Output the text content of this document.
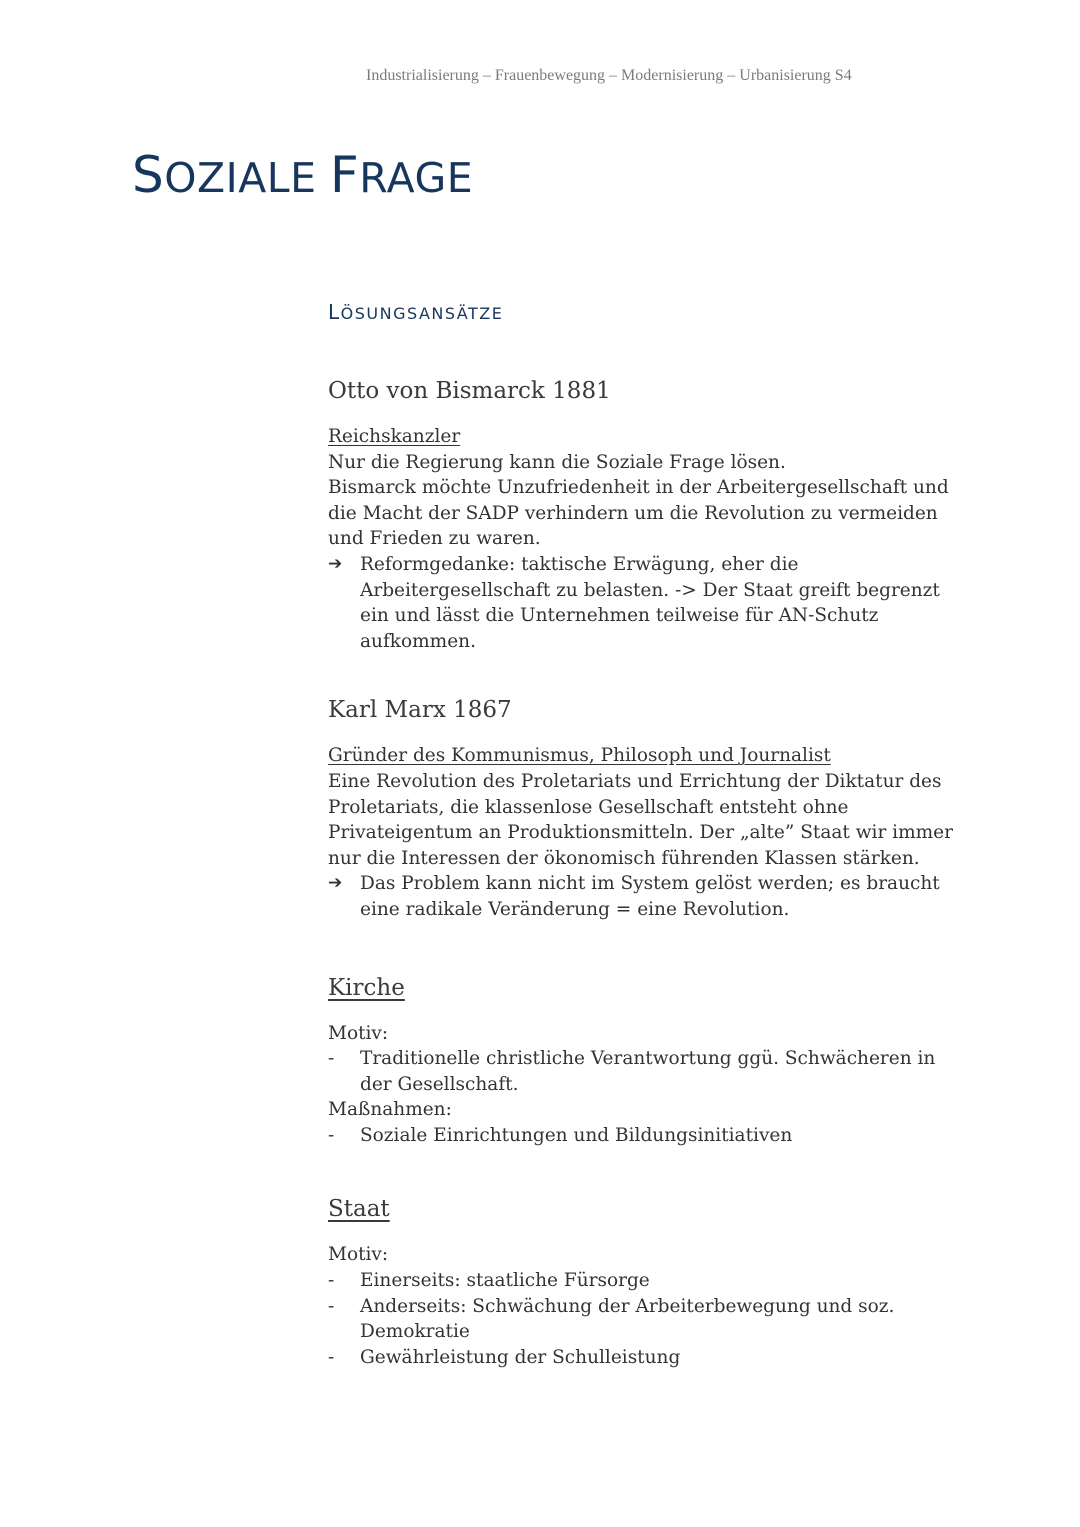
Industrialisierung – Frauenbewegung – Modernisierung – Urbanisierung S4
SOZIALE FRAGE
LÖSUNGSANSÄTZE
Otto von Bismarck 1881

Reichskanzler

Nur die Regierung kann die Soziale Frage lösen.

Bismarck möchte Unzufriedenheit in der Arbeitergesellschaft und die Macht der SADP verhindern um die Revolution zu vermeiden und Frieden zu waren.

➔ Reformgedanke: taktische Erwägung, eher die Arbeitergesellschaft zu belasten. -> Der Staat greift begrenzt ein und lässt die Unternehmen teilweise für AN-Schutz aufkommen.
Karl Marx 1867

Gründer des Kommunismus, Philosoph und Journalist

Eine Revolution des Proletariats und Errichtung der Diktatur des Proletariats, die klassenlose Gesellschaft entsteht ohne Privateigentum an Produktionsmitteln. Der „alte” Staat wir immer nur die Interessen der ökonomisch führenden Klassen stärken.

➔ Das Problem kann nicht im System gelöst werden; es braucht eine radikale Veränderung = eine Revolution.
Kirche

Motiv:

-	Traditionelle christliche Verantwortung ggü. Schwächeren in der Gesellschaft.

Maßnahmen:

-	Soziale Einrichtungen und Bildungsinitiativen
Staat

Motiv:

-	Einerseits: staatliche Fürsorge
-	Anderseits: Schwächung der Arbeiterbewegung und soz. Demokratie
-	Gewährleistung der Schulleistung
